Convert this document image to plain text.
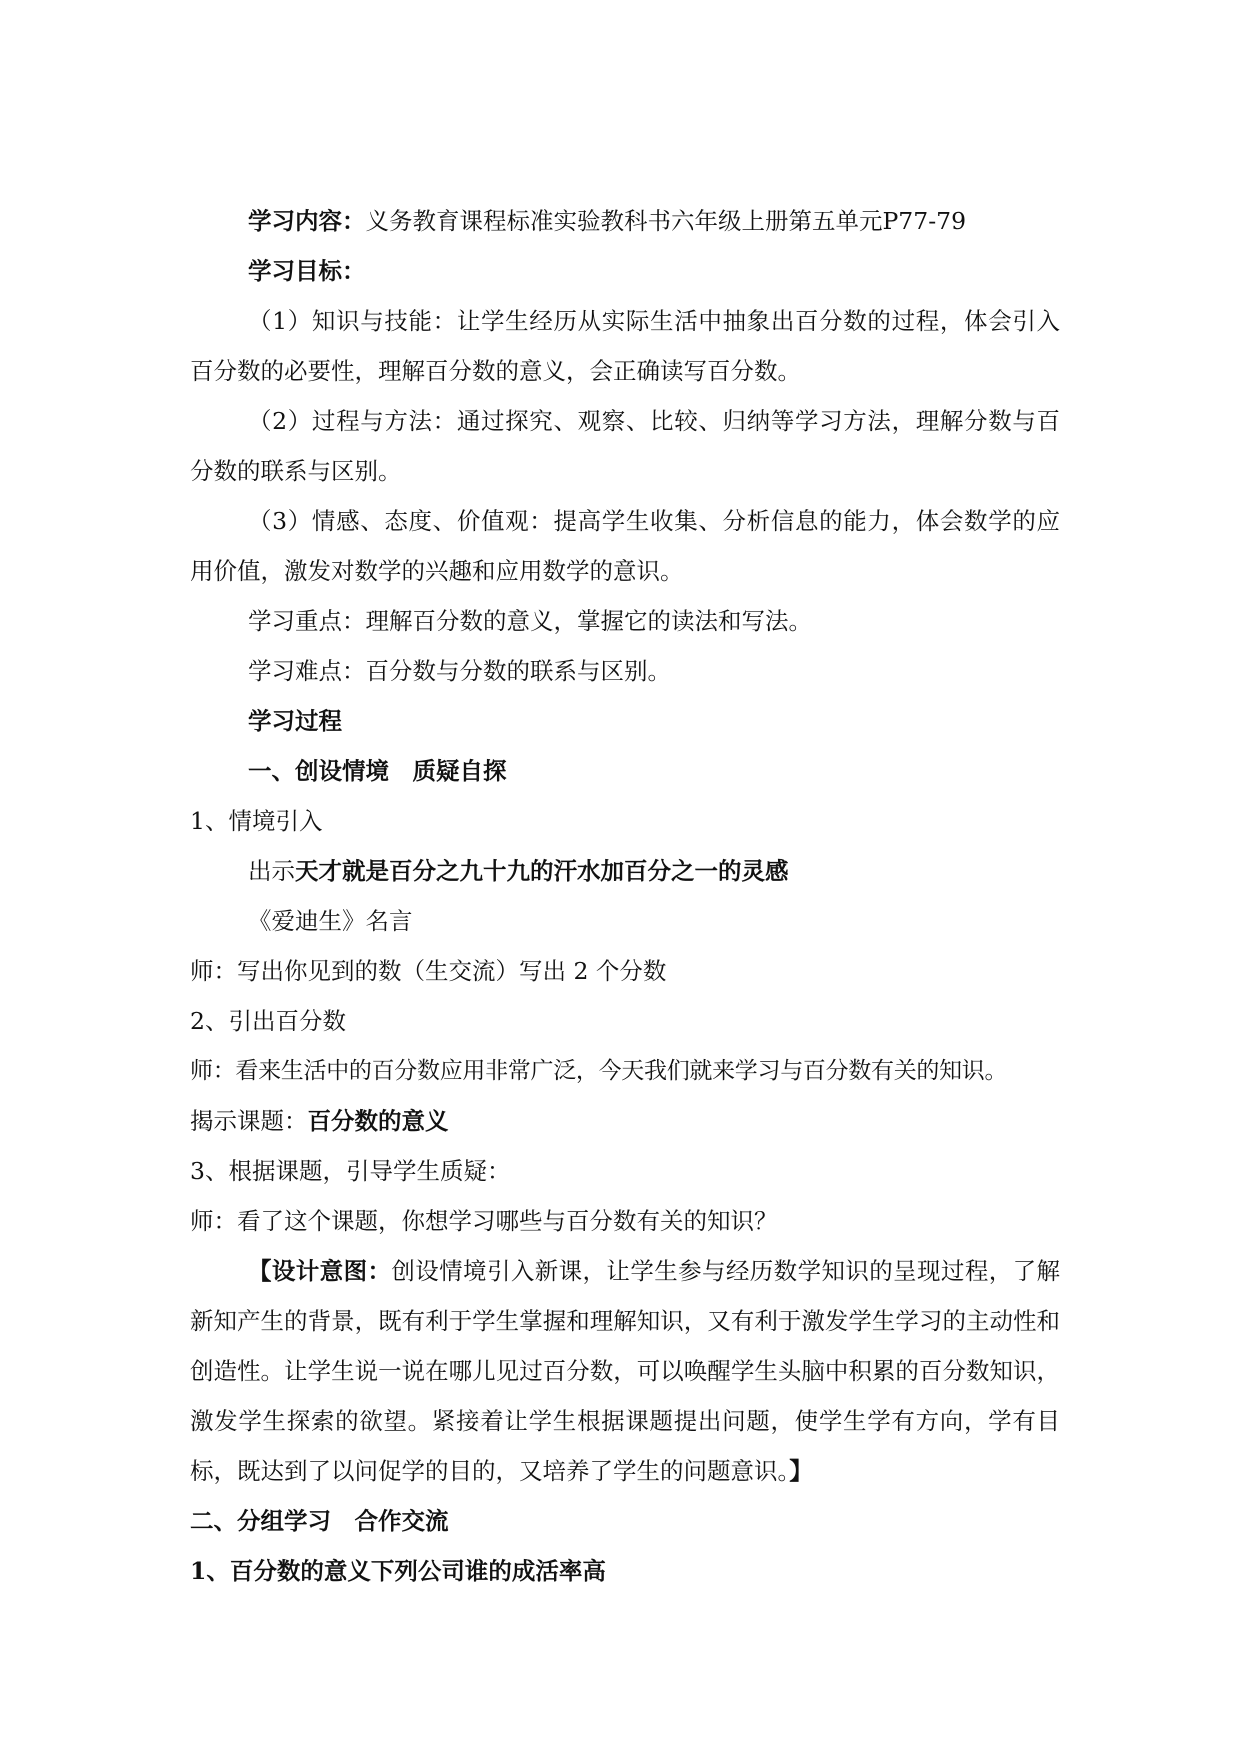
学习内容：义务教育课程标准实验教科书六年级上册第五单元P77-79
学习目标：
（1）知识与技能：让学生经历从实际生活中抽象出百分数的过程，体会引入百分数的必要性，理解百分数的意义，会正确读写百分数。
（2）过程与方法：通过探究、观察、比较、归纳等学习方法，理解分数与百分数的联系与区别。
（3）情感、态度、价值观：提高学生收集、分析信息的能力，体会数学的应用价值，激发对数学的兴趣和应用数学的意识。
学习重点：理解百分数的意义，掌握它的读法和写法。
学习难点：百分数与分数的联系与区别。
学习过程
一、创设情境　质疑自探
1、情境引入
出示天才就是百分之九十九的汗水加百分之一的灵感
《爱迪生》名言
师：写出你见到的数（生交流）写出 2 个分数
2、引出百分数
师：看来生活中的百分数应用非常广泛，今天我们就来学习与百分数有关的知识。
揭示课题：百分数的意义
3、根据课题，引导学生质疑：
师：看了这个课题，你想学习哪些与百分数有关的知识？
【设计意图：创设情境引入新课，让学生参与经历数学知识的呈现过程，了解新知产生的背景，既有利于学生掌握和理解知识，又有利于激发学生学习的主动性和创造性。让学生说一说在哪儿见过百分数，可以唤醒学生头脑中积累的百分数知识，激发学生探索的欲望。紧接着让学生根据课题提出问题，使学生学有方向，学有目标，既达到了以问促学的目的，又培养了学生的问题意识。】
二、分组学习　合作交流
1、百分数的意义下列公司谁的成活率高
